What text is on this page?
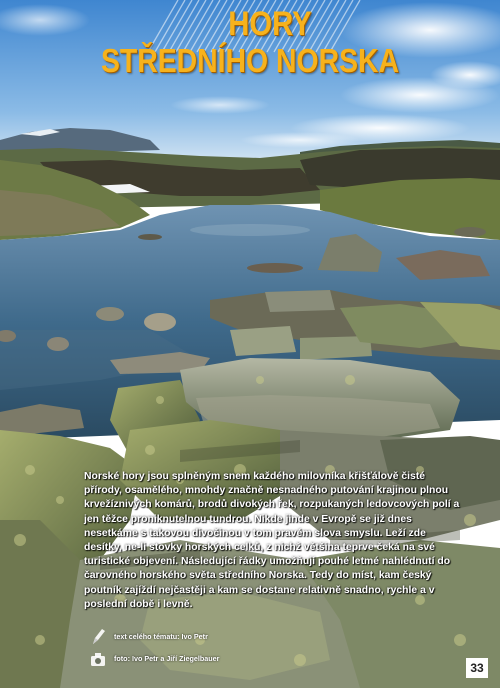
HORY
STŘEDNÍHO NORSKA
Norské hory jsou splněným snem každého milovníka křišťálově čisté přírody, osamělého, mnohdy značně nesnadného putování krajinou plnou krvežíznivých komárů, brodů divokých řek, rozpukaných ledovcových polí a jen těžce proniknutelnou tundrou. Nikde jinde v Evropě se již dnes nesetkáme s takovou divočinou v tom pravém slova smyslu. Leží zde desítky, ne-li stovky horských celků, z nichž většina teprve čeká na své turistické objevení. Následující řádky umožňují pouhé letmé nahlédnutí do čarovného horského světa středního Norska. Tedy do míst, kam český poutník zajíždí nejčastěji a kam se dostane relativně snadno, rychle a v poslední době i levně.
text celého tématu: Ivo Petr
foto: Ivo Petr a Jiří Ziegelbauer
33
